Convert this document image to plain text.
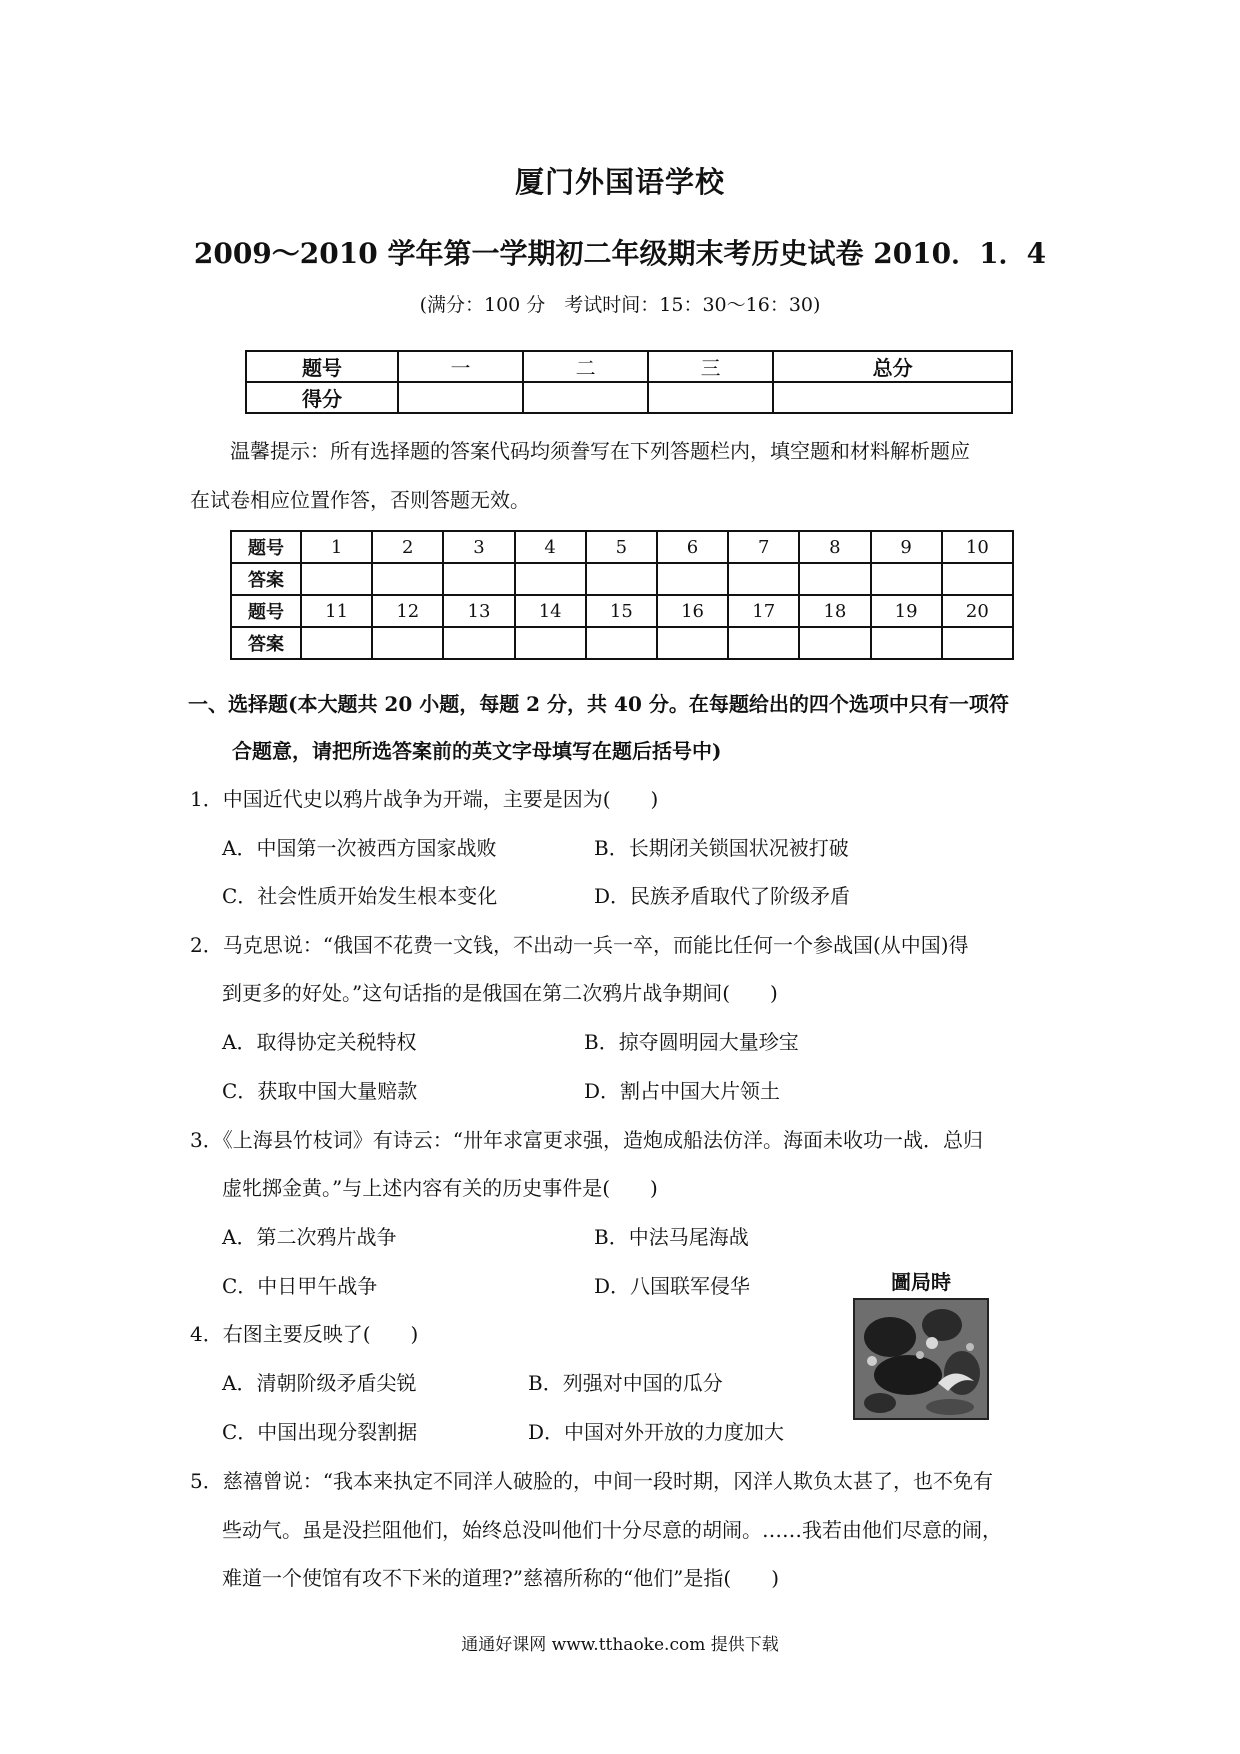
厦门外国语学校
2009～2010 学年第一学期初二年级期末考历史试卷 2010．1．4
(满分：100 分　考试时间：15：30～16：30)
题号	一	二	三	总分
得分				
温馨提示：所有选择题的答案代码均须誊写在下列答题栏内，填空题和材料解析题应
在试卷相应位置作答，否则答题无效。
题号	1	2	3	4	5	6	7	8	9	10
答案										
题号	11	12	13	14	15	16	17	18	19	20
答案										
一、选择题(本大题共 20 小题，每题 2 分，共 40 分。在每题给出的四个选项中只有一项符
合题意，请把所选答案前的英文字母填写在题后括号中)
1．中国近代史以鸦片战争为开端，主要是因为(　　)
A．中国第一次被西方国家战败	B．长期闭关锁国状况被打破
C．社会性质开始发生根本变化	D．民族矛盾取代了阶级矛盾
2．马克思说：“俄国不花费一文钱，不出动一兵一卒，而能比任何一个参战国(从中国)得
到更多的好处。”这句话指的是俄国在第二次鸦片战争期间(　　)
A．取得协定关税特权	B．掠夺圆明园大量珍宝
C．获取中国大量赔款	D．割占中国大片领土
3．《上海县竹枝词》有诗云：“卅年求富更求强，造炮成船法仿洋。海面未收功一战．总归
虚牝掷金黄。”与上述内容有关的历史事件是(　　)
A．第二次鸦片战争	B．中法马尾海战
C．中日甲午战争	D．八国联军侵华
4．右图主要反映了(　　)
A．清朝阶级矛盾尖锐	B．列强对中国的瓜分
C．中国出现分裂割据	D．中国对外开放的力度加大
圖局時
5．慈禧曾说：“我本来执定不同洋人破脸的，中间一段时期，冈洋人欺负太甚了，也不免有
些动气。虽是没拦阻他们，始终总没叫他们十分尽意的胡闹。……我若由他们尽意的闹，
难道一个使馆有攻不下米的道理?”慈禧所称的“他们”是指(　　)
通通好课网 www.tthaoke.com 提供下载
